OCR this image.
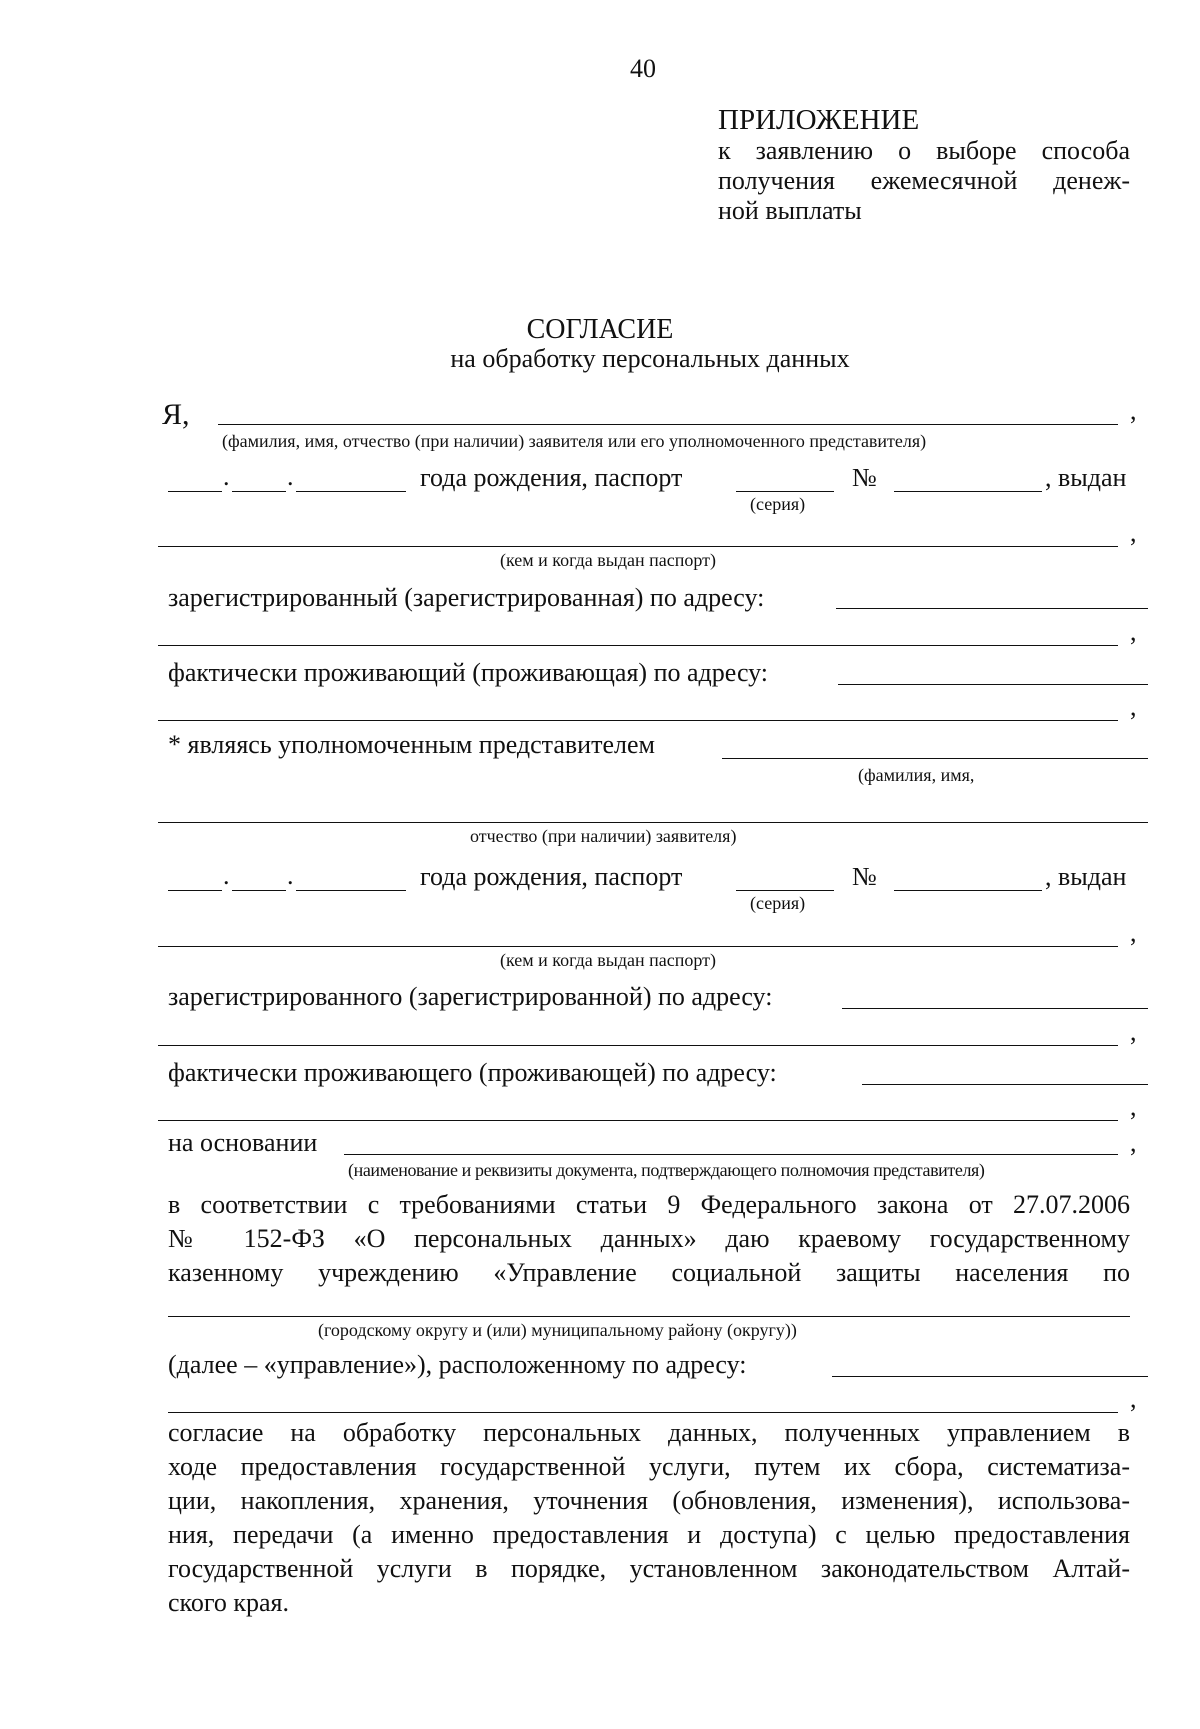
40
ПРИЛОЖЕНИЕ
к заявлению о выборе способа
получения ежемесячной денеж-
ной выплаты
СОГЛАСИЕ
на обработку персональных данных
Я,	,
(фамилия, имя, отчество (при наличии) заявителя или его уполномоченного представителя)
. .	года рождения, паспорт	№	, выдан
(серия)
,
(кем и когда выдан паспорт)
зарегистрированный (зарегистрированная) по адресу:
,
фактически проживающий (проживающая) по адресу:
,
* являясь уполномоченным представителем
(фамилия, имя,
отчество (при наличии) заявителя)
. .	года рождения, паспорт	№	, выдан
(серия)
,
(кем и когда выдан паспорт)
зарегистрированного (зарегистрированной) по адресу:
,
фактически проживающего (проживающей) по адресу:
,
на основании	,
(наименование и реквизиты документа, подтверждающего полномочия представителя)
в соответствии с требованиями статьи 9 Федерального закона от 27.07.2006
№ 152-ФЗ «О персональных данных» даю краевому государственному
казенному учреждению «Управление социальной защиты населения по
(городскому округу и (или) муниципальному району (округу))
(далее – «управление»), расположенному по адресу:
,
согласие на обработку персональных данных, полученных управлением в
ходе предоставления государственной услуги, путем их сбора, систематиза-
ции, накопления, хранения, уточнения (обновления, изменения), использова-
ния, передачи (а именно предоставления и доступа) с целью предоставления
государственной услуги в порядке, установленном законодательством Алтай-
ского края.
